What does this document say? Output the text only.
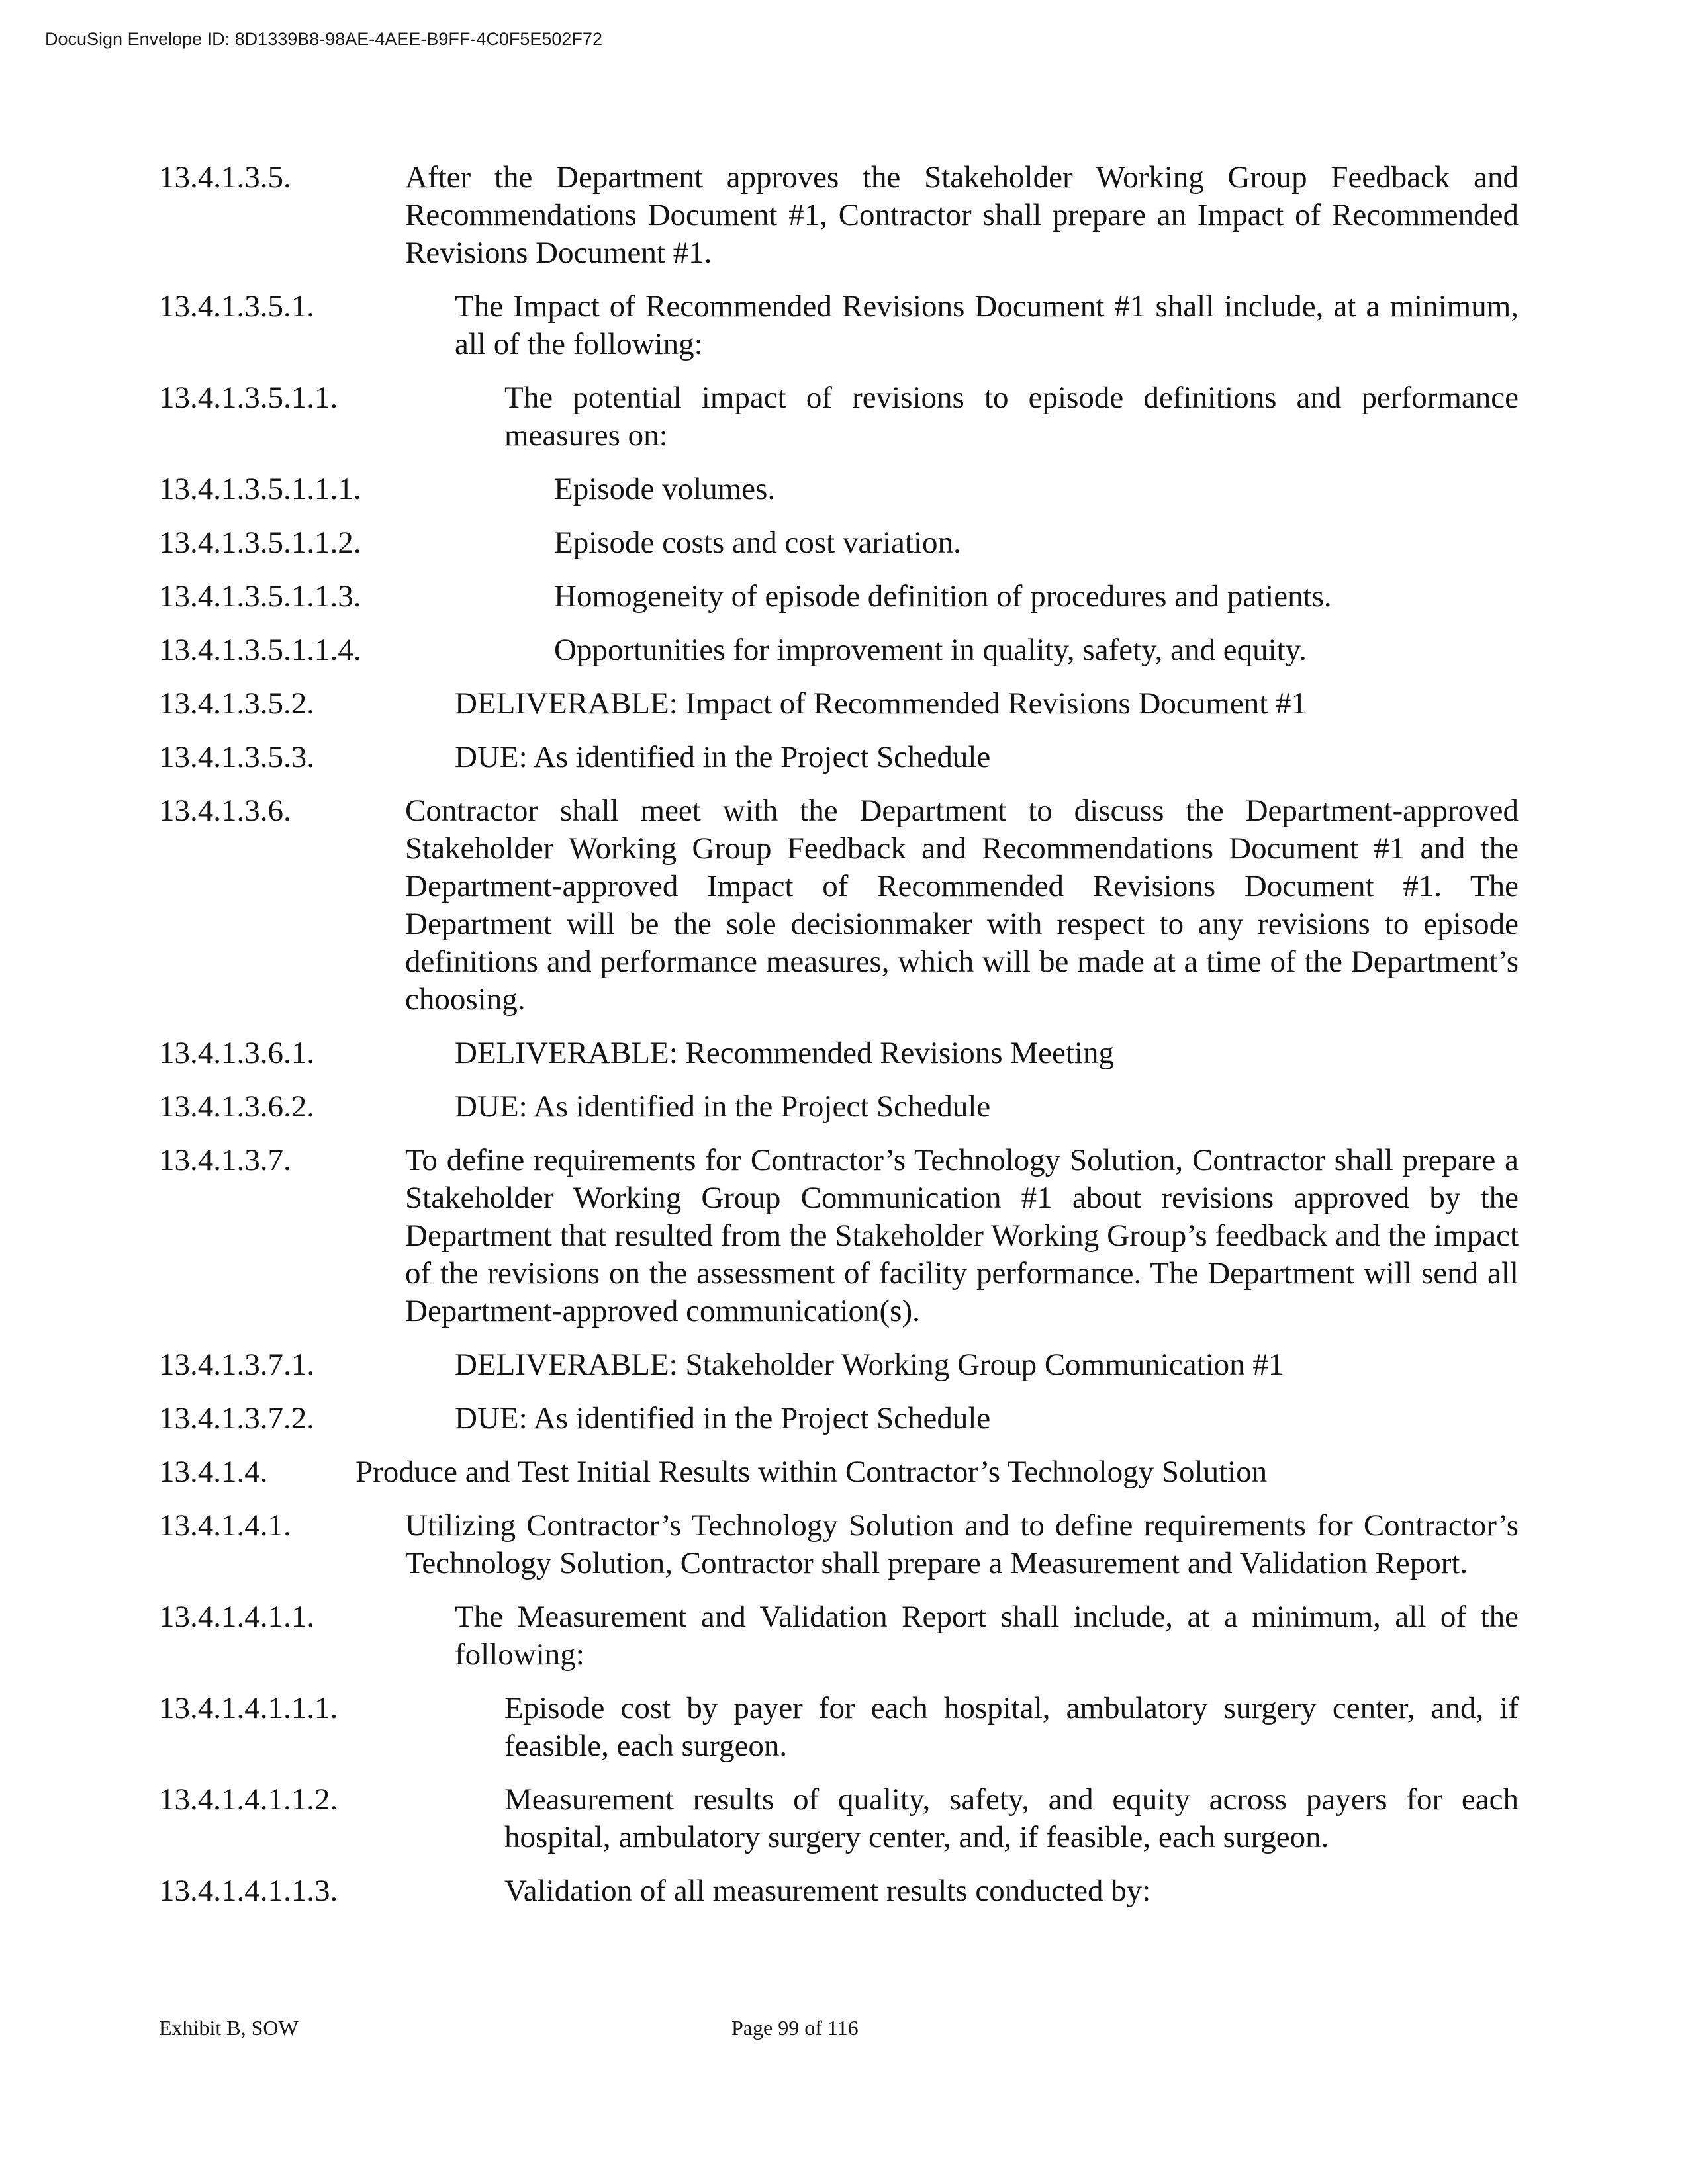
DocuSign Envelope ID: 8D1339B8-98AE-4AEE-B9FF-4C0F5E502F72
13.4.1.3.5.	After the Department approves the Stakeholder Working Group Feedback and Recommendations Document #1, Contractor shall prepare an Impact of Recommended Revisions Document #1.
13.4.1.3.5.1.	The Impact of Recommended Revisions Document #1 shall include, at a minimum, all of the following:
13.4.1.3.5.1.1.	The potential impact of revisions to episode definitions and performance measures on:
13.4.1.3.5.1.1.1.	Episode volumes.
13.4.1.3.5.1.1.2.	Episode costs and cost variation.
13.4.1.3.5.1.1.3.	Homogeneity of episode definition of procedures and patients.
13.4.1.3.5.1.1.4.	Opportunities for improvement in quality, safety, and equity.
13.4.1.3.5.2.	DELIVERABLE: Impact of Recommended Revisions Document #1
13.4.1.3.5.3.	DUE: As identified in the Project Schedule
13.4.1.3.6.	Contractor shall meet with the Department to discuss the Department-approved Stakeholder Working Group Feedback and Recommendations Document #1 and the Department-approved Impact of Recommended Revisions Document #1. The Department will be the sole decisionmaker with respect to any revisions to episode definitions and performance measures, which will be made at a time of the Department’s choosing.
13.4.1.3.6.1.	DELIVERABLE: Recommended Revisions Meeting
13.4.1.3.6.2.	DUE: As identified in the Project Schedule
13.4.1.3.7.	To define requirements for Contractor’s Technology Solution, Contractor shall prepare a Stakeholder Working Group Communication #1 about revisions approved by the Department that resulted from the Stakeholder Working Group’s feedback and the impact of the revisions on the assessment of facility performance. The Department will send all Department-approved communication(s).
13.4.1.3.7.1.	DELIVERABLE: Stakeholder Working Group Communication #1
13.4.1.3.7.2.	DUE: As identified in the Project Schedule
13.4.1.4.	Produce and Test Initial Results within Contractor’s Technology Solution
13.4.1.4.1.	Utilizing Contractor’s Technology Solution and to define requirements for Contractor’s Technology Solution, Contractor shall prepare a Measurement and Validation Report.
13.4.1.4.1.1.	The Measurement and Validation Report shall include, at a minimum, all of the following:
13.4.1.4.1.1.1.	Episode cost by payer for each hospital, ambulatory surgery center, and, if feasible, each surgeon.
13.4.1.4.1.1.2.	Measurement results of quality, safety, and equity across payers for each hospital, ambulatory surgery center, and, if feasible, each surgeon.
13.4.1.4.1.1.3.	Validation of all measurement results conducted by:
Exhibit B, SOW	Page 99 of 116
